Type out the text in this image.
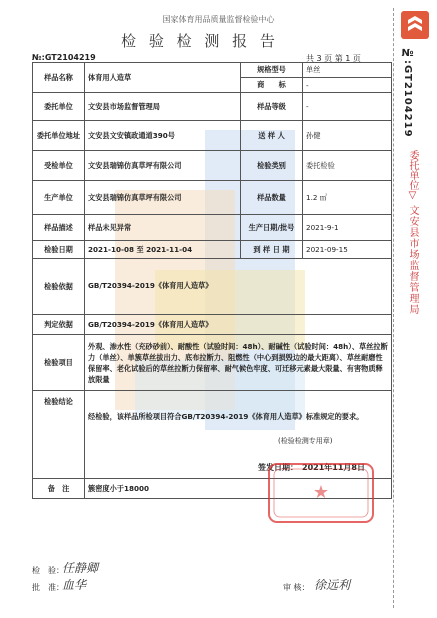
国家体育用品质量监督检验中心
检 验 检 测 报 告
№:GT2104219	共 3 页 第 1 页
样品名称	体育用人造草	规格型号	单丝
		商　　标	-
委托单位	文安县市场监督管理局	样品等级	-
委托单位地址	文安县文安镇政通道390号	送 样 人	孙健
受检单位	文安县瑞锦仿真草坪有限公司	检验类别	委托检验
生产单位	文安县瑞锦仿真草坪有限公司	样品数量	1.2 ㎡
样品描述	样品未见异常	生产日期/批号	2021-9-1
检验日期	2021-10-08 至 2021-11-04	到 样 日 期	2021-09-15
检验依据	GB/T20394-2019《体育用人造草》		
判定依据	GB/T20394-2019《体育用人造草》		
检验项目	外观、渗水性（充砂砂前）、耐酸性（试验时间：48h）、耐碱性（试验时间：48h）、草丝拉断力（单丝）、单簇草丝拔出力、底布拉断力、阻燃性（中心到损毁边的最大距离）、草丝耐磨性保留率、老化试验后的草丝拉断力保留率、耐气候色牢度、可迁移元素最大限量、有害物质释放限量		
检验结论	经检验，该样品所检项目符合GB/T20394-2019《体育用人造草》标准规定的要求。
(检验检测专用章)
签发日期：　2021年11月8日		

备　注	簇密度小于18000			★
检　验：
任静卿
批　准：
血华	审 核： 徐远利
№:GT2104219
委托单位▽
文安县市场监督管理局
